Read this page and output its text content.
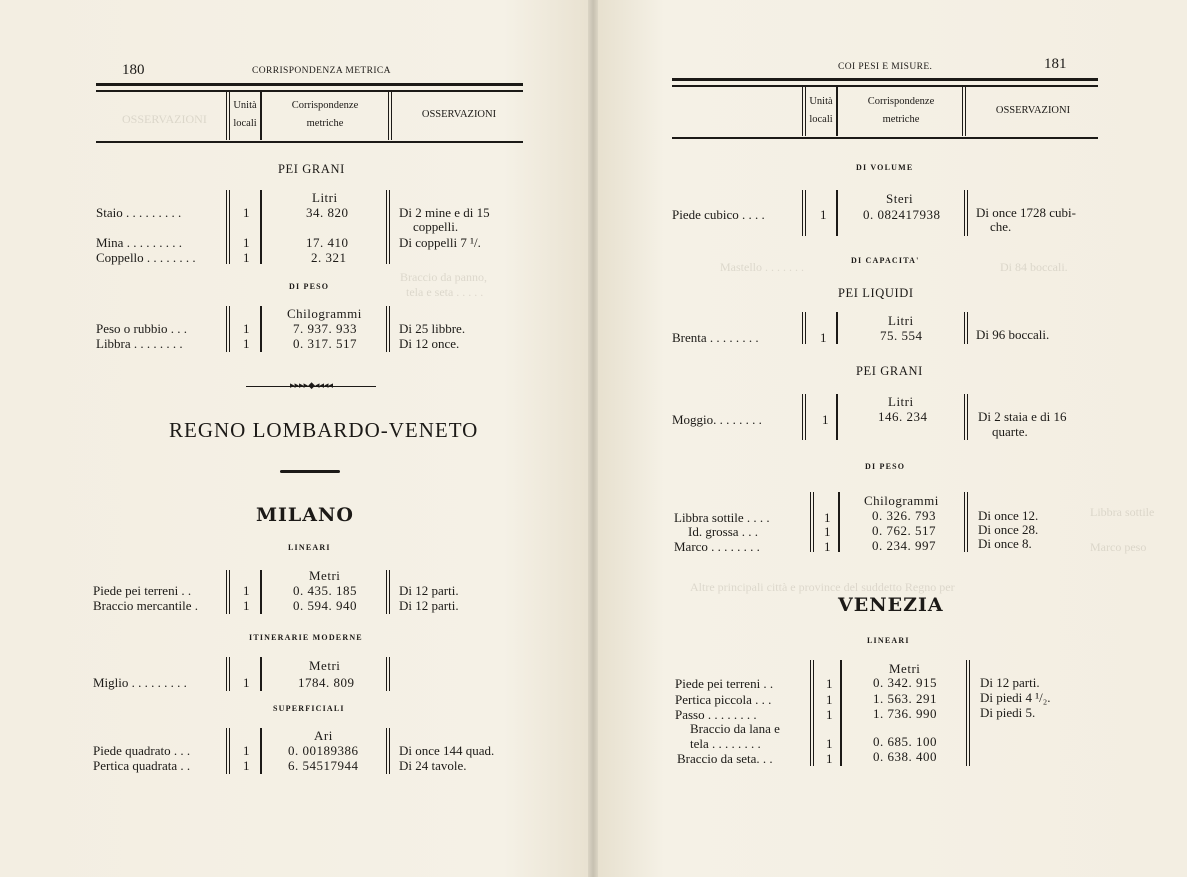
OSSERVAZIONI
Braccio da panno,
tela e seta . . . . .
Mastello . . . . . . .	Di 84 boccali.
Libbra sottile
Marco peso
Altre principali città e province del suddetto Regno per
180	CORRISPONDENZA METRICA
Unità
locali
Corrispondenze
metriche
OSSERVAZIONI
PEI GRANI
Litri
Staio . . . . . . . . .	1	34. 820	Di 2 mine e di 15
coppelli.
Mina . . . . . . . . .	1	17. 410	Di coppelli 7 ¹/.
Coppello . . . . . . . .	1	2. 321
DI PESO
Chilogrammi
Peso o rubbio . . .	1	7. 937. 933	Di 25 libbre.
Libbra . . . . . . . .	1	0. 317. 517	Di 12 once.
▸▸▸▸◆◂◂◂◂
REGNO LOMBARDO-VENETO
MILANO
LINEARI
Metri
Piede pei terreni . .	1	0. 435. 185	Di 12 parti.
Braccio mercantile .	1	0. 594. 940	Di 12 parti.
ITINERARIE MODERNE
Metri
Miglio . . . . . . . . .	1	1784. 809
SUPERFICIALI
Ari
Piede quadrato . . .	1	0. 00189386	Di once 144 quad.
Pertica quadrata . .	1	6. 54517944	Di 24 tavole.
COI PESI E MISURE.	181
Unità
locali
Corrispondenze
metriche
OSSERVAZIONI
DI VOLUME
Steri
Piede cubico . . . .	1	0. 082417938	Di once 1728 cubi-
che.
DI CAPACITA'
PEI LIQUIDI
Litri
Brenta . . . . . . . .	1	75. 554	Di 96 boccali.
PEI GRANI
Litri
Moggio. . . . . . . .	1	146. 234	Di 2 staia e di 16
quarte.
DI PESO
Chilogrammi
Libbra sottile . . . .	1	0. 326. 793	Di once 12.
Id. grossa . . .	1	0. 762. 517	Di once 28.
Marco . . . . . . . .	1	0. 234. 997	Di once 8.
VENEZIA
LINEARI
Metri
Piede pei terreni . .	1	0. 342. 915	Di 12 parti.
Pertica piccola . . .	1	1. 563. 291	Di piedi 4 ¹/₂.
Passo . . . . . . . .	1	1. 736. 990	Di piedi 5.
Braccio da lana e
tela . . . . . . . .	1	0. 685. 100
Braccio da seta. . .	1	0. 638. 400
